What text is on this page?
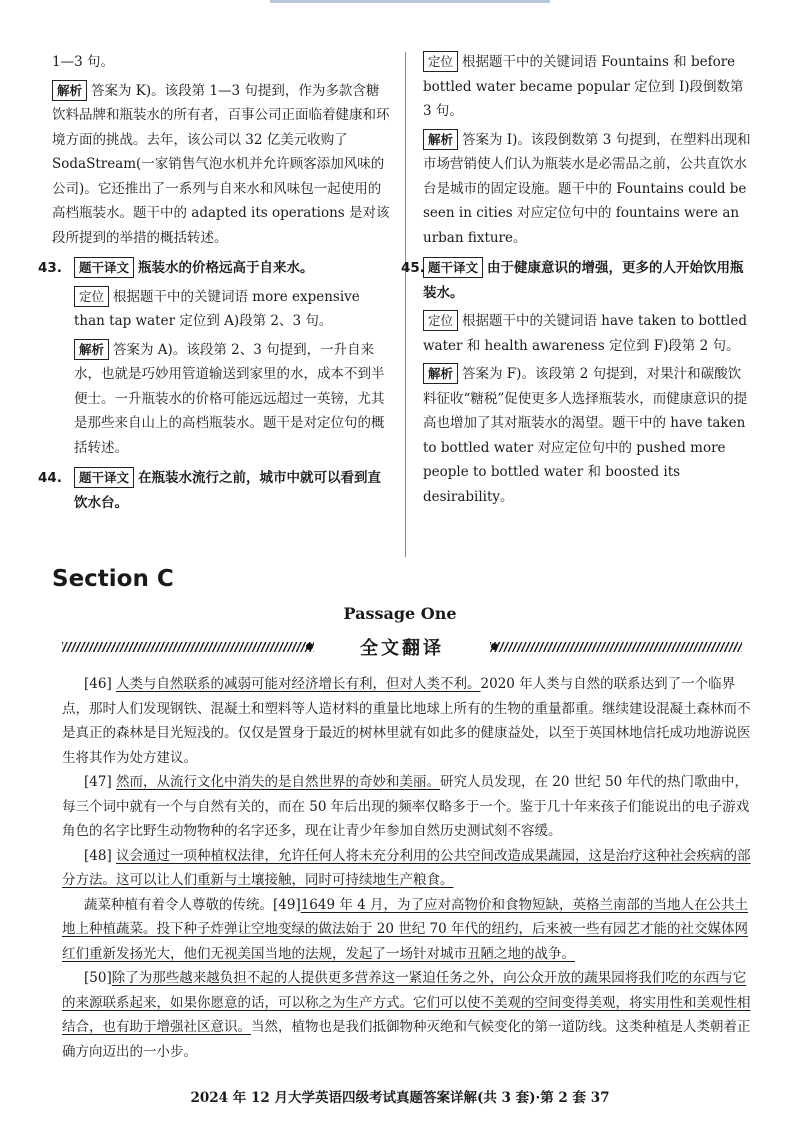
1—3 句。

解析 答案为 K)。该段第 1—3 句提到，作为多款含糖饮料品牌和瓶装水的所有者，百事公司正面临着健康和环境方面的挑战。去年，该公司以 32 亿美元收购了 SodaStream(一家销售气泡水机并允许顾客添加风味的公司)。它还推出了一系列与自来水和风味包一起使用的高档瓶装水。题干中的 adapted its operations 是对该段所提到的举措的概括转述。

43. 题干译文 瓶装水的价格远高于自来水。

定位 根据题干中的关键词语 more expensive than tap water 定位到 A)段第 2、3 句。

解析 答案为 A)。该段第 2、3 句提到，一升自来水，也就是巧妙用管道输送到家里的水，成本不到半便士。一升瓶装水的价格可能远远超过一英镑，尤其是那些来自山上的高档瓶装水。题干是对定位句的概括转述。

44. 题干译文 在瓶装水流行之前，城市中就可以看到直饮水台。

定位 根据题干中的关键词语 Fountains 和 before bottled water became popular 定位到 I)段倒数第 3 句。

解析 答案为 I)。该段倒数第 3 句提到，在塑料出现和市场营销使人们认为瓶装水是必需品之前，公共直饮水台是城市的固定设施。题干中的 Fountains could be seen in cities 对应定位句中的 fountains were an urban fixture。

45. 题干译文 由于健康意识的增强，更多的人开始饮用瓶装水。

定位 根据题干中的关键词语 have taken to bottled water 和 health awareness 定位到 F)段第 2 句。

解析 答案为 F)。该段第 2 句提到，对果汁和碳酸饮料征收“糖税”促使更多人选择瓶装水，而健康意识的提高也增加了其对瓶装水的渴望。题干中的 have taken to bottled water 对应定位句中的 pushed more people to bottled water 和 boosted its desirability。

Section C
Passage One
全文翻译

[46] 人类与自然联系的减弱可能对经济增长有利，但对人类不利。2020 年人类与自然的联系达到了一个临界点，那时人们发现钢铁、混凝土和塑料等人造材料的重量比地球上所有的生物的重量都重。继续建设混凝土森林而不是真正的森林是目光短浅的。仅仅是置身于最近的树林里就有如此多的健康益处，以至于英国林地信托成功地游说医生将其作为处方建议。

[47] 然而，从流行文化中消失的是自然世界的奇妙和美丽。研究人员发现，在 20 世纪 50 年代的热门歌曲中，每三个词中就有一个与自然有关的，而在 50 年后出现的频率仅略多于一个。鉴于几十年来孩子们能说出的电子游戏角色的名字比野生动物物种的名字还多，现在让青少年参加自然历史测试刻不容缓。

[48] 议会通过一项种植权法律，允许任何人将未充分利用的公共空间改造成果蔬园，这是治疗这种社会疾病的部分方法。这可以让人们重新与土壤接触，同时可持续地生产粮食。

蔬菜种植有着令人尊敬的传统。[49]1649 年 4 月，为了应对高物价和食物短缺，英格兰南部的当地人在公共土地上种植蔬菜。投下种子炸弹让空地变绿的做法始于 20 世纪 70 年代的纽约，后来被一些有园艺才能的社交媒体网红们重新发扬光大，他们无视美国当地的法规，发起了一场针对城市丑陋之地的战争。

[50]除了为那些越来越负担不起的人提供更多营养这一紧迫任务之外，向公众开放的蔬果园将我们吃的东西与它的来源联系起来，如果你愿意的话，可以称之为生产方式。它们可以使不美观的空间变得美观，将实用性和美观性相结合，也有助于增强社区意识。当然，植物也是我们抵御物种灭绝和气候变化的第一道防线。这类种植是人类朝着正确方向迈出的一小步。

2024 年 12 月大学英语四级考试真题答案详解(共 3 套)·第 2 套 37
